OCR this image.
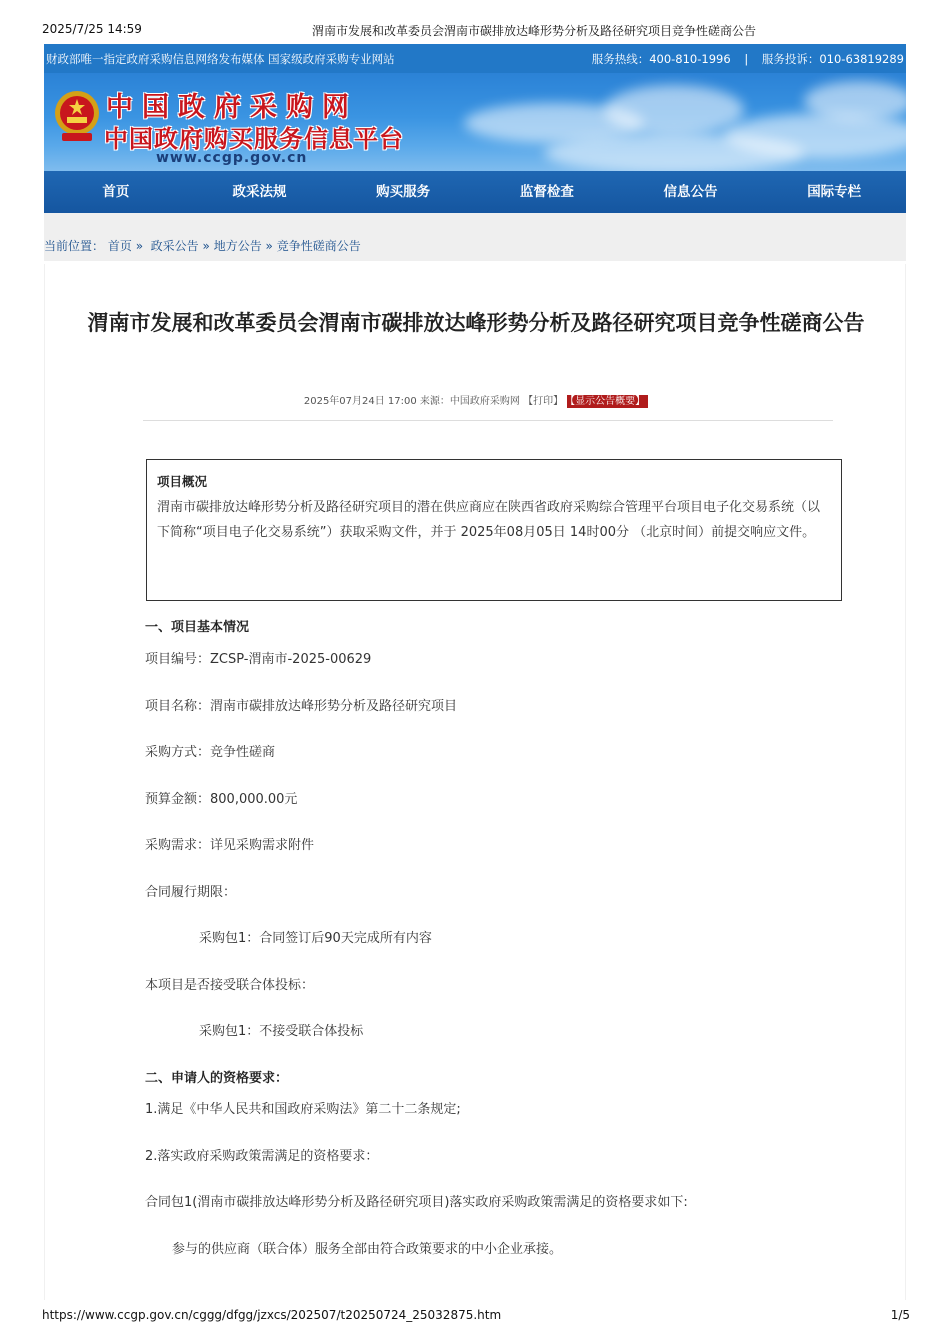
2025/7/25 14:59	渭南市发展和改革委员会渭南市碳排放达峰形势分析及路径研究项目竞争性磋商公告
财政部唯一指定政府采购信息网络发布媒体 国家级政府采购专业网站	服务热线：400-810-1996 | 服务投诉：010-63819289
中国政府采购网
中国政府购买服务信息平台
www.ccgp.gov.cn
首页	政采法规	购买服务	监督检查	信息公告	国际专栏
当前位置： 首页 » 政采公告 » 地方公告 » 竞争性磋商公告
渭南市发展和改革委员会渭南市碳排放达峰形势分析及路径研究项目竞争性磋商公告
2025年07月24日 17:00 来源：中国政府采购网 【打印】 【显示公告概要】
项目概况
渭南市碳排放达峰形势分析及路径研究项目的潜在供应商应在陕西省政府采购综合管理平台项目电子化交易系统（以下简称“项目电子化交易系统”）获取采购文件，并于 2025年08月05日 14时00分 （北京时间）前提交响应文件。
一、项目基本情况
项目编号：ZCSP-渭南市-2025-00629
项目名称：渭南市碳排放达峰形势分析及路径研究项目
采购方式：竞争性磋商
预算金额：800,000.00元
采购需求：详见采购需求附件
合同履行期限：
采购包1：合同签订后90天完成所有内容
本项目是否接受联合体投标：
采购包1：不接受联合体投标
二、申请人的资格要求：
1.满足《中华人民共和国政府采购法》第二十二条规定;
2.落实政府采购政策需满足的资格要求：
合同包1(渭南市碳排放达峰形势分析及路径研究项目)落实政府采购政策需满足的资格要求如下:
参与的供应商（联合体）服务全部由符合政策要求的中小企业承接。
https://www.ccgp.gov.cn/cggg/dfgg/jzxcs/202507/t20250724_25032875.htm	1/5
